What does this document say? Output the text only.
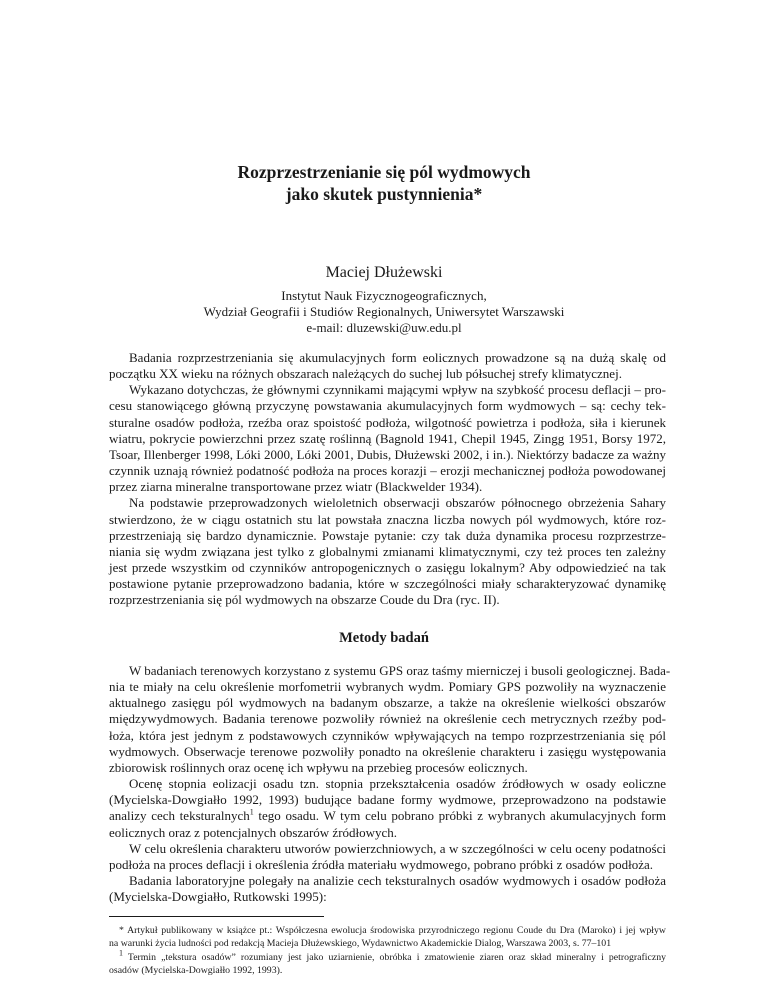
Rozprzestrzenianie się pól wydmowych
jako skutek pustynnienia*
Maciej Dłużewski
Instytut Nauk Fizycznogeograficznych,
Wydział Geografii i Studiów Regionalnych, Uniwersytet Warszawski
e-mail: dluzewski@uw.edu.pl

Badania rozprzestrzeniania się akumulacyjnych form eolicznych prowadzone są na dużą skalę od
początku XX wieku na różnych obszarach należących do suchej lub półsuchej strefy klimatycznej.

Wykazano dotychczas, że głównymi czynnikami mającymi wpływ na szybkość procesu deflacji – pro-
cesu stanowiącego główną przyczynę powstawania akumulacyjnych form wydmowych – są: cechy tek-
sturalne osadów podłoża, rzeźba oraz spoistość podłoża, wilgotność powietrza i podłoża, siła i kierunek
wiatru, pokrycie powierzchni przez szatę roślinną (Bagnold 1941, Chepil 1945, Zingg 1951, Borsy 1972,
Tsoar, Illenberger 1998, Lóki 2000, Lóki 2001, Dubis, Dłużewski 2002, i in.). Niektórzy badacze za ważny
czynnik uznają również podatność podłoża na proces korazji – erozji mechanicznej podłoża powodowanej
przez ziarna mineralne transportowane przez wiatr (Blackwelder 1934).

Na podstawie przeprowadzonych wieloletnich obserwacji obszarów północnego obrzeżenia Sahary
stwierdzono, że w ciągu ostatnich stu lat powstała znaczna liczba nowych pól wydmowych, które roz-
przestrzeniają się bardzo dynamicznie. Powstaje pytanie: czy tak duża dynamika procesu rozprzestrze-
niania się wydm związana jest tylko z globalnymi zmianami klimatycznymi, czy też proces ten zależny
jest przede wszystkim od czynników antropogenicznych o zasięgu lokalnym? Aby odpowiedzieć na tak
postawione pytanie przeprowadzono badania, które w szczególności miały scharakteryzować dynamikę
rozprzestrzeniania się pól wydmowych na obszarze Coude du Dra (ryc. II).

Metody badań

W badaniach terenowych korzystano z systemu GPS oraz taśmy mierniczej i busoli geologicznej. Bada-
nia te miały na celu określenie morfometrii wybranych wydm. Pomiary GPS pozwoliły na wyznaczenie
aktualnego zasięgu pól wydmowych na badanym obszarze, a także na określenie wielkości obszarów
międzywydmowych. Badania terenowe pozwoliły również na określenie cech metrycznych rzeźby pod-
łoża, która jest jednym z podstawowych czynników wpływających na tempo rozprzestrzeniania się pól
wydmowych. Obserwacje terenowe pozwoliły ponadto na określenie charakteru i zasięgu występowania
zbiorowisk roślinnych oraz ocenę ich wpływu na przebieg procesów eolicznych.

Ocenę stopnia eolizacji osadu tzn. stopnia przekształcenia osadów źródłowych w osady eoliczne
(Mycielska-Dowgiałło 1992, 1993) budujące badane formy wydmowe, przeprowadzono na podstawie
analizy cech teksturalnych$^1$ tego osadu. W tym celu pobrano próbki z wybranych akumulacyjnych form
eolicznych oraz z potencjalnych obszarów źródłowych.

W celu określenia charakteru utworów powierzchniowych, a w szczególności w celu oceny podatności
podłoża na proces deflacji i określenia źródła materiału wydmowego, pobrano próbki z osadów podłoża.

Badania laboratoryjne polegały na analizie cech teksturalnych osadów wydmowych i osadów podłoża
(Mycielska-Dowgiałło, Rutkowski 1995):

* Artykuł publikowany w książce pt.: Współczesna ewolucja środowiska przyrodniczego regionu Coude du Dra (Maroko) i jej wpływ
na warunki życia ludności pod redakcją Macieja Dłużewskiego, Wydawnictwo Akademickie Dialog, Warszawa 2003, s. 77–101
$^1$ Termin „tekstura osadów” rozumiany jest jako uziarnienie, obróbka i zmatowienie ziaren oraz skład mineralny i petrograficzny
osadów (Mycielska-Dowgiałło 1992, 1993).
